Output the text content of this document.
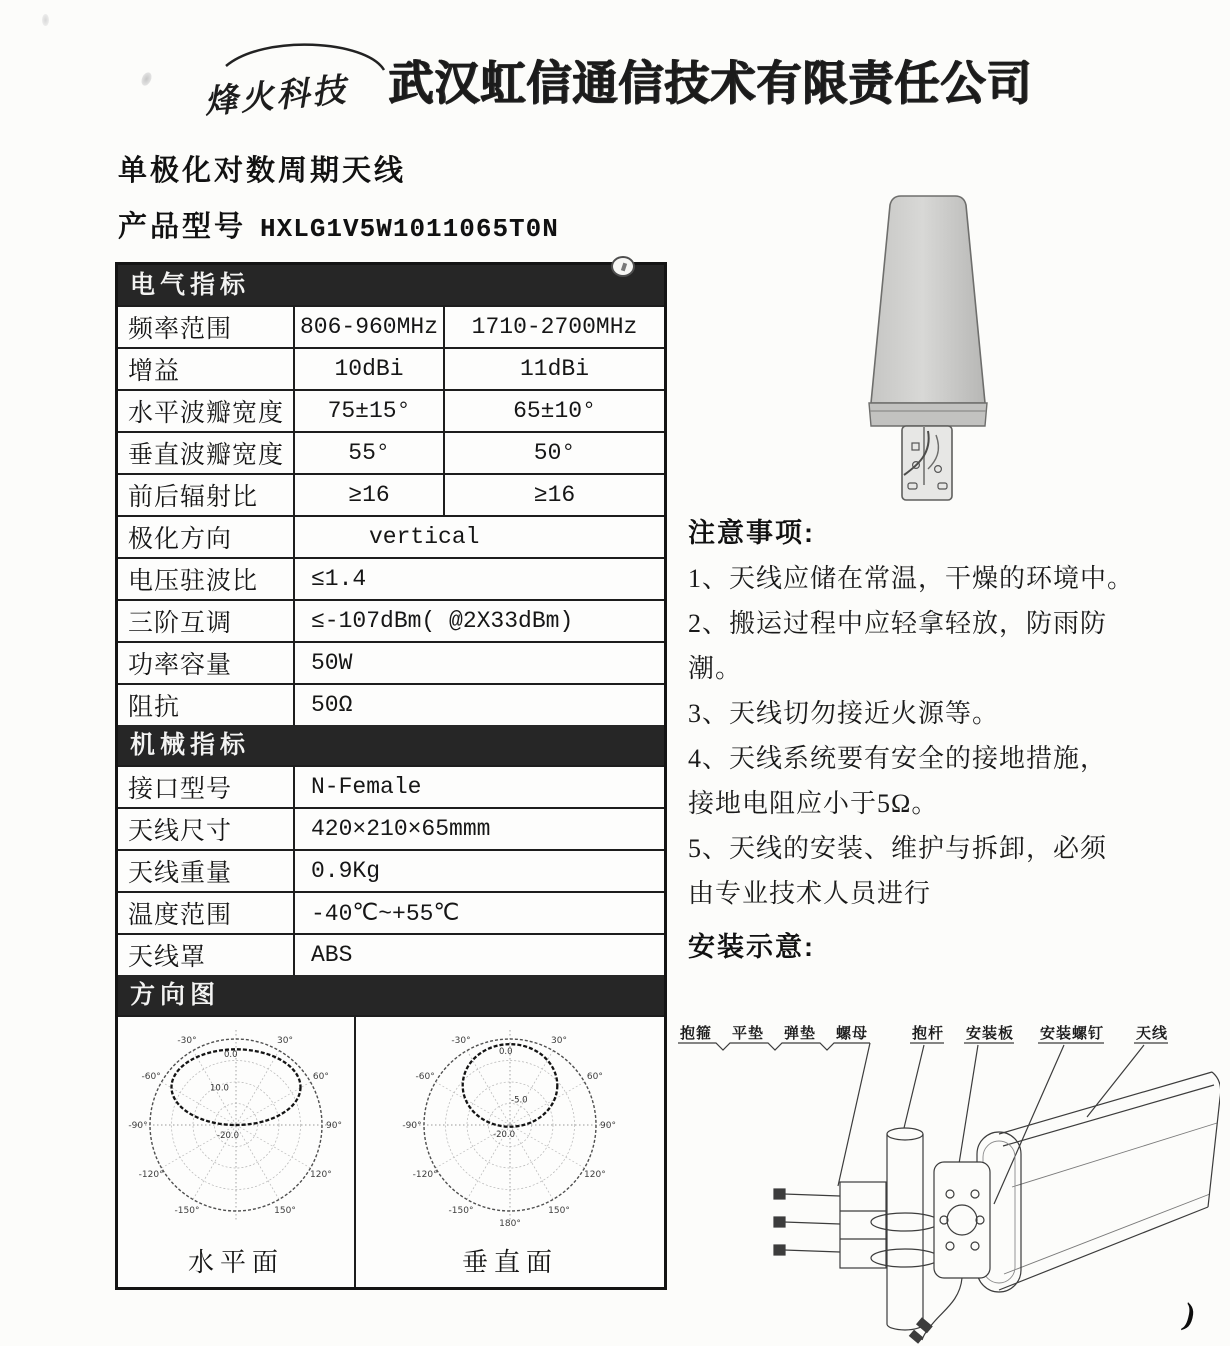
烽火科技 武汉虹信通信技术有限责任公司
单极化对数周期天线
产品型号 HXLG1V5W1011065T0N
电气指标
频率范围	806-960MHz	1710-2700MHz
增益	10dBi	11dBi
水平波瓣宽度	75±15°	65±10°
垂直波瓣宽度	55°	50°
前后辐射比	≥16	≥16
极化方向	vertical
电压驻波比	≤1.4
三阶互调	≤-107dBm( @2X33dBm)
功率容量	50W
阻抗	50Ω
机械指标
接口型号	N-Female
天线尺寸	420×210×65mmm
天线重量	0.9Kg
温度范围	-40℃~+55℃
天线罩	ABS
方向图
-30°	30°
-60°	60°
-90°	90°
-120°	120°
-150°	150°
0.0
10.0
-20.0
水平面
-30°	30°
-60°	60°
-90°	90°
-120°	120°
-150°	150°
180°
0.0
-5.0
-20.0
垂直面
注意事项:

1、天线应储在常温，干燥的环境中。

2、搬运过程中应轻拿轻放，防雨防
潮。

3、天线切勿接近火源等。

4、天线系统要有安全的接地措施，
接地电阻应小于5Ω。

5、天线的安装、维护与拆卸，必须
由专业技术人员进行

安装示意:
抱箍 平垫 弹垫 螺母	抱杆 安装板 安装螺钉 天线
)
